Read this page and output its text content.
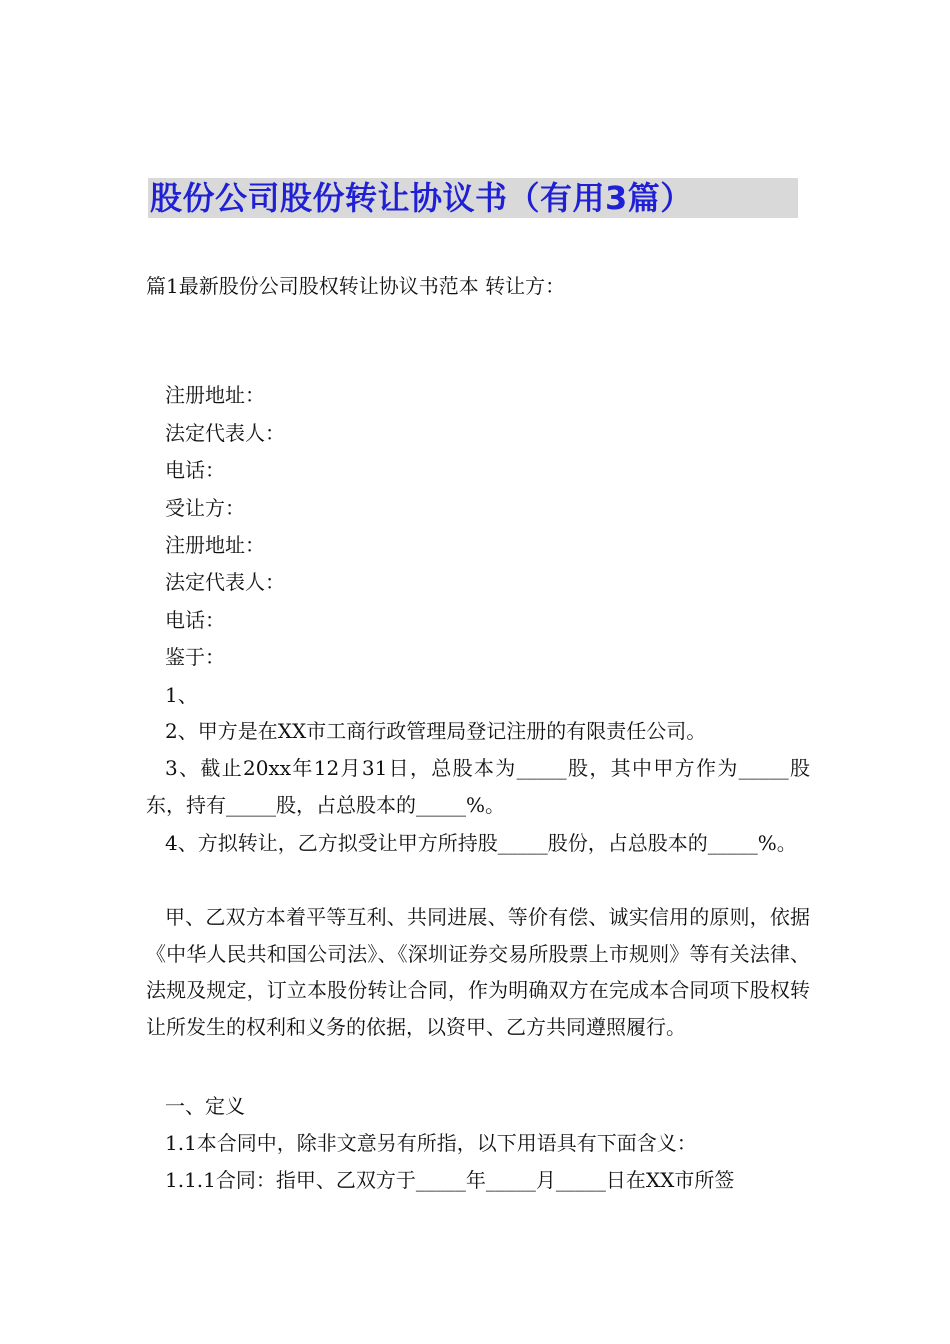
股份公司股份转让协议书（有用3篇）
篇1最新股份公司股权转让协议书范本 转让方：
注册地址：
法定代表人：
电话：
受让方：
注册地址：
法定代表人：
电话：
鉴于：
1、
2、甲方是在XX市工商行政管理局登记注册的有限责任公司。
3、截止20xx年12月31日，总股本为_____股，其中甲方作为_____股东，持有_____股，占总股本的_____%。
4、方拟转让，乙方拟受让甲方所持股_____股份，占总股本的_____%。
甲、乙双方本着平等互利、共同进展、等价有偿、诚实信用的原则，依据《中华人民共和国公司法》、《深圳证券交易所股票上市规则》等有关法律、法规及规定，订立本股份转让合同，作为明确双方在完成本合同项下股权转让所发生的权利和义务的依据，以资甲、乙方共同遵照履行。
一、定义
1.1本合同中，除非文意另有所指，以下用语具有下面含义：
1.1.1合同：指甲、乙双方于_____年_____月_____日在XX市所签
